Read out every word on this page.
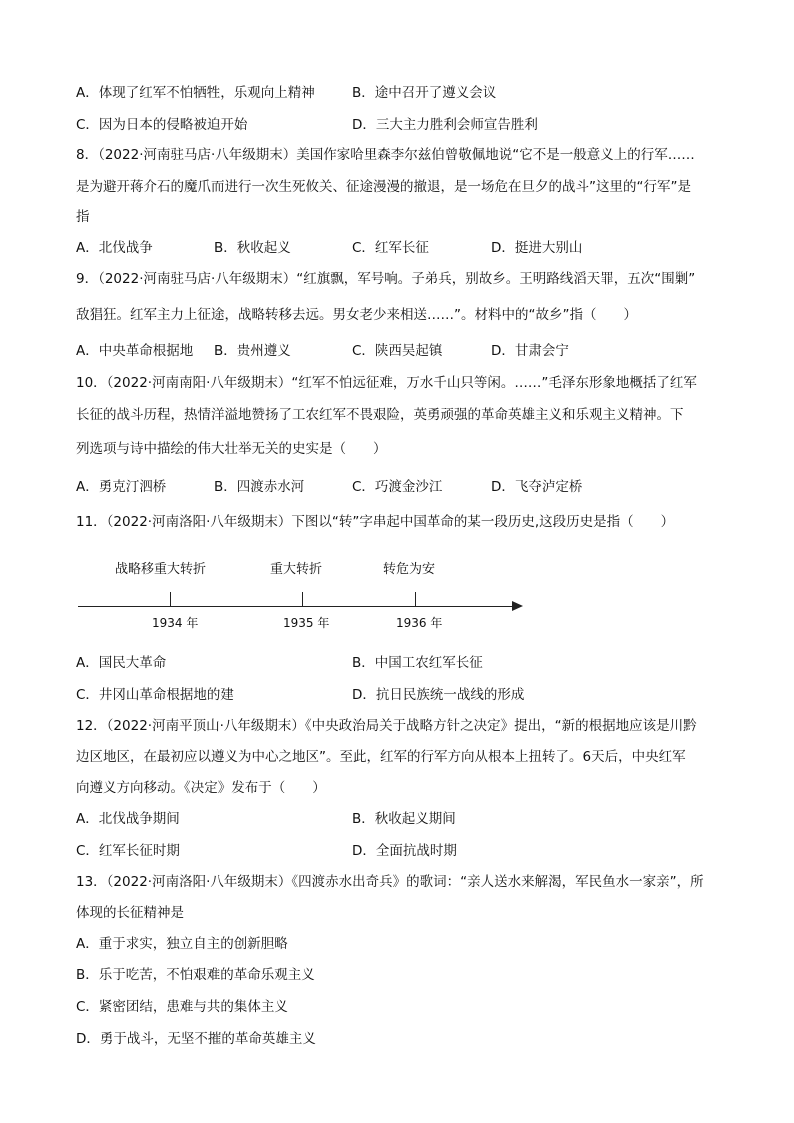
A．体现了红军不怕牺牲，乐观向上精神	B．途中召开了遵义会议
C．因为日本的侵略被迫开始	D．三大主力胜利会师宣告胜利
8．（2022·河南驻马店·八年级期末）美国作家哈里森李尔兹伯曾敬佩地说“它不是一般意义上的行军……
是为避开蒋介石的魔爪而进行一次生死攸关、征途漫漫的撤退，是一场危在旦夕的战斗”这里的“行军”是
指
A．北伐战争	B．秋收起义	C．红军长征	D．挺进大别山
9．（2022·河南驻马店·八年级期末）“红旗飘，军号响。子弟兵，别故乡。王明路线滔天罪，五次“围剿”
敌猖狂。红军主力上征途，战略转移去远。男女老少来相送……”。材料中的“故乡”指（　　）
A．中央革命根据地 B．贵州遵义	C．陕西吴起镇	D．甘肃会宁
10．（2022·河南南阳·八年级期末）“红军不怕远征难，万水千山只等闲。……”毛泽东形象地概括了红军
长征的战斗历程，热情洋溢地赞扬了工农红军不畏艰险，英勇顽强的革命英雄主义和乐观主义精神。下
列选项与诗中描绘的伟大壮举无关的史实是（　　）
A．勇克汀泗桥	B．四渡赤水河	C．巧渡金沙江	D．飞夺泸定桥
11．（2022·河南洛阳·八年级期末）下图以“转”字串起中国革命的某一段历史,这段历史是指（　　）
战略移重大转折	重大转折	转危为安
1934 年	1935 年	1936 年
A．国民大革命	B．中国工农红军长征
C．井冈山革命根据地的建	D．抗日民族统一战线的形成
12．（2022·河南平顶山·八年级期末）《中央政治局关于战略方针之决定》提出，“新的根据地应该是川黔
边区地区，在最初应以遵义为中心之地区”。至此，红军的行军方向从根本上扭转了。6天后，中央红军
向遵义方向移动。《决定》发布于（　　）
A．北伐战争期间	B．秋收起义期间
C．红军长征时期	D．全面抗战时期
13．（2022·河南洛阳·八年级期末）《四渡赤水出奇兵》的歌词：“亲人送水来解渴，军民鱼水一家亲”，所
体现的长征精神是
A．重于求实，独立自主的创新胆略
B．乐于吃苦，不怕艰难的革命乐观主义
C．紧密团结，患难与共的集体主义
D．勇于战斗，无坚不摧的革命英雄主义
